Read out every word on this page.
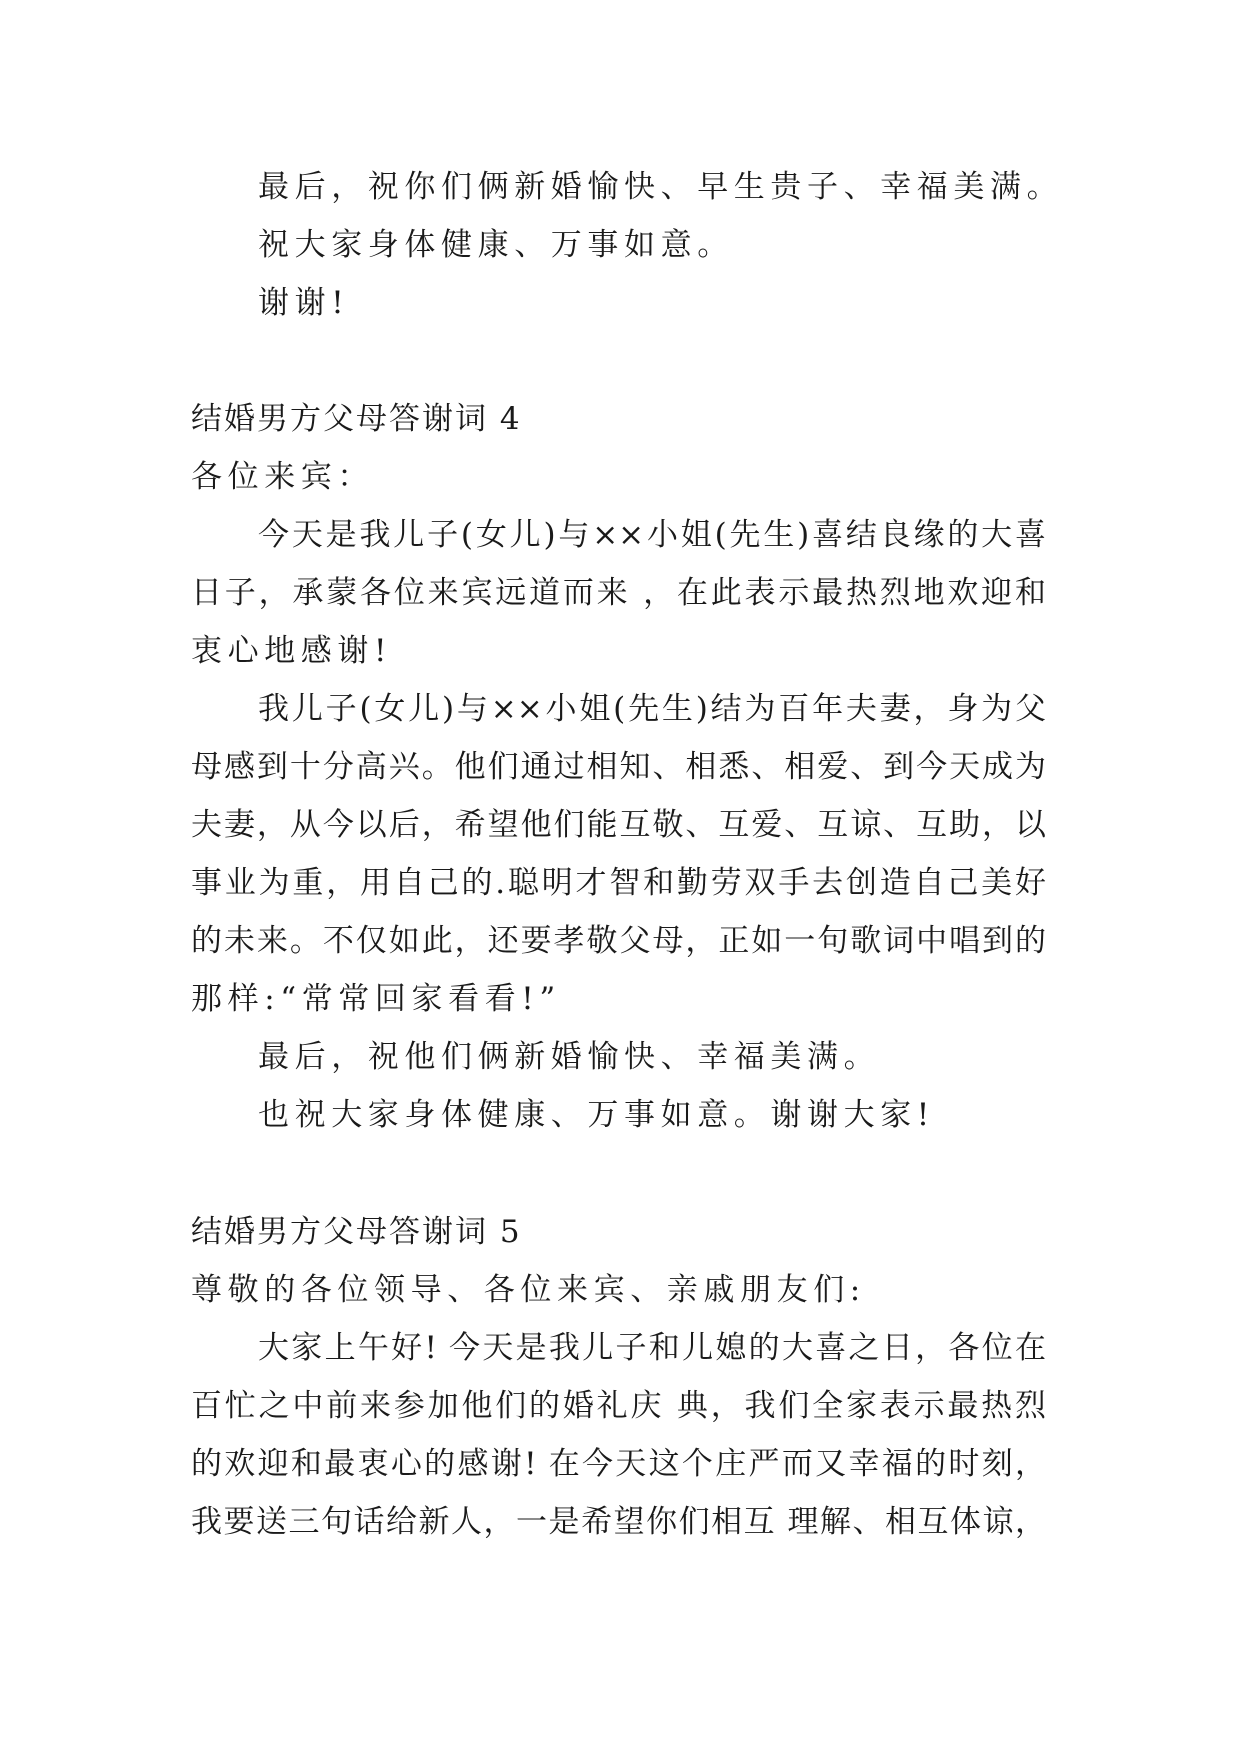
最后，祝你们俩新婚愉快、早生贵子、幸福美满。
祝大家身体健康、万事如意。
谢谢!
结婚男方父母答谢词 4
各位来宾：
今天是我儿子(女儿)与××小姐(先生)喜结良缘的大喜
日子，承蒙各位来宾远道而来 ，在此表示最热烈地欢迎和
衷心地感谢!
我儿子(女儿)与××小姐(先生)结为百年夫妻，身为父
母感到十分高兴。他们通过相知、相悉、相爱、到今天成为
夫妻，从今以后，希望他们能互敬、互爱、互谅、互助，以
事业为重，用自己的.聪明才智和勤劳双手去创造自己美好
的未来。不仅如此，还要孝敬父母，正如一句歌词中唱到的
那样:“常常回家看看!”
最后，祝他们俩新婚愉快、幸福美满。
也祝大家身体健康、万事如意。谢谢大家!
结婚男方父母答谢词 5
尊敬的各位领导、各位来宾、亲戚朋友们:
大家上午好! 今天是我儿子和儿媳的大喜之日，各位在
百忙之中前来参加他们的婚礼庆 典，我们全家表示最热烈
的欢迎和最衷心的感谢! 在今天这个庄严而又幸福的时刻，
我要送三句话给新人，一是希望你们相互 理解、相互体谅，
